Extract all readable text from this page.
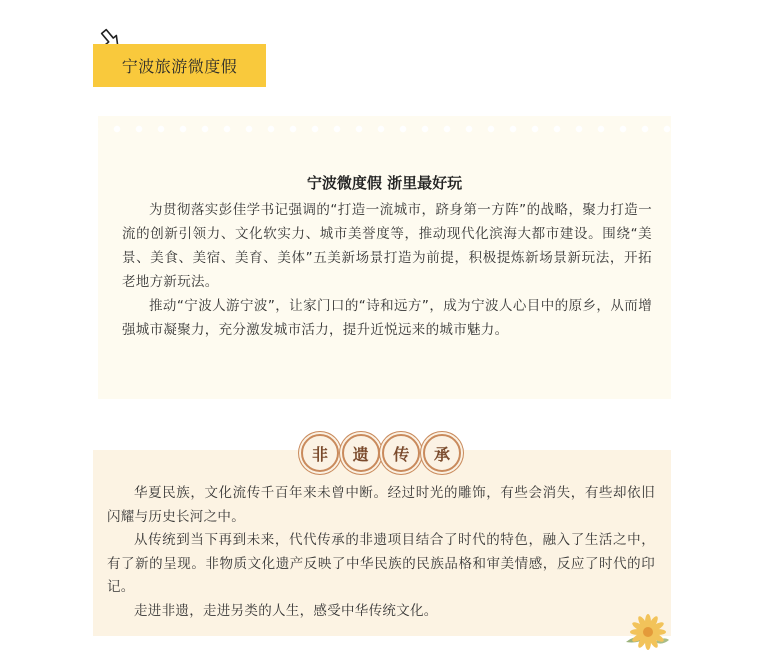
宁波旅游微度假
宁波微度假 浙里最好玩

为贯彻落实彭佳学书记强调的“打造一流城市，跻身第一方阵”的战略，聚力打造一流的创新引领力、文化软实力、城市美誉度等，推动现代化滨海大都市建设。围绕“美景、美食、美宿、美育、美体”五美新场景打造为前提，积极提炼新场景新玩法，开拓老地方新玩法。

推动“宁波人游宁波”，让家门口的“诗和远方”，成为宁波人心目中的原乡，从而增强城市凝聚力，充分激发城市活力，提升近悦远来的城市魅力。

华夏民族，文化流传千百年来未曾中断。经过时光的雕饰，有些会消失，有些却依旧闪耀与历史长河之中。

从传统到当下再到未来，代代传承的非遗项目结合了时代的特色，融入了生活之中，有了新的呈现。非物质文化遗产反映了中华民族的民族品格和审美情感，反应了时代的印记。

走进非遗，走进另类的人生，感受中华传统文化。

非	遗	传	承
